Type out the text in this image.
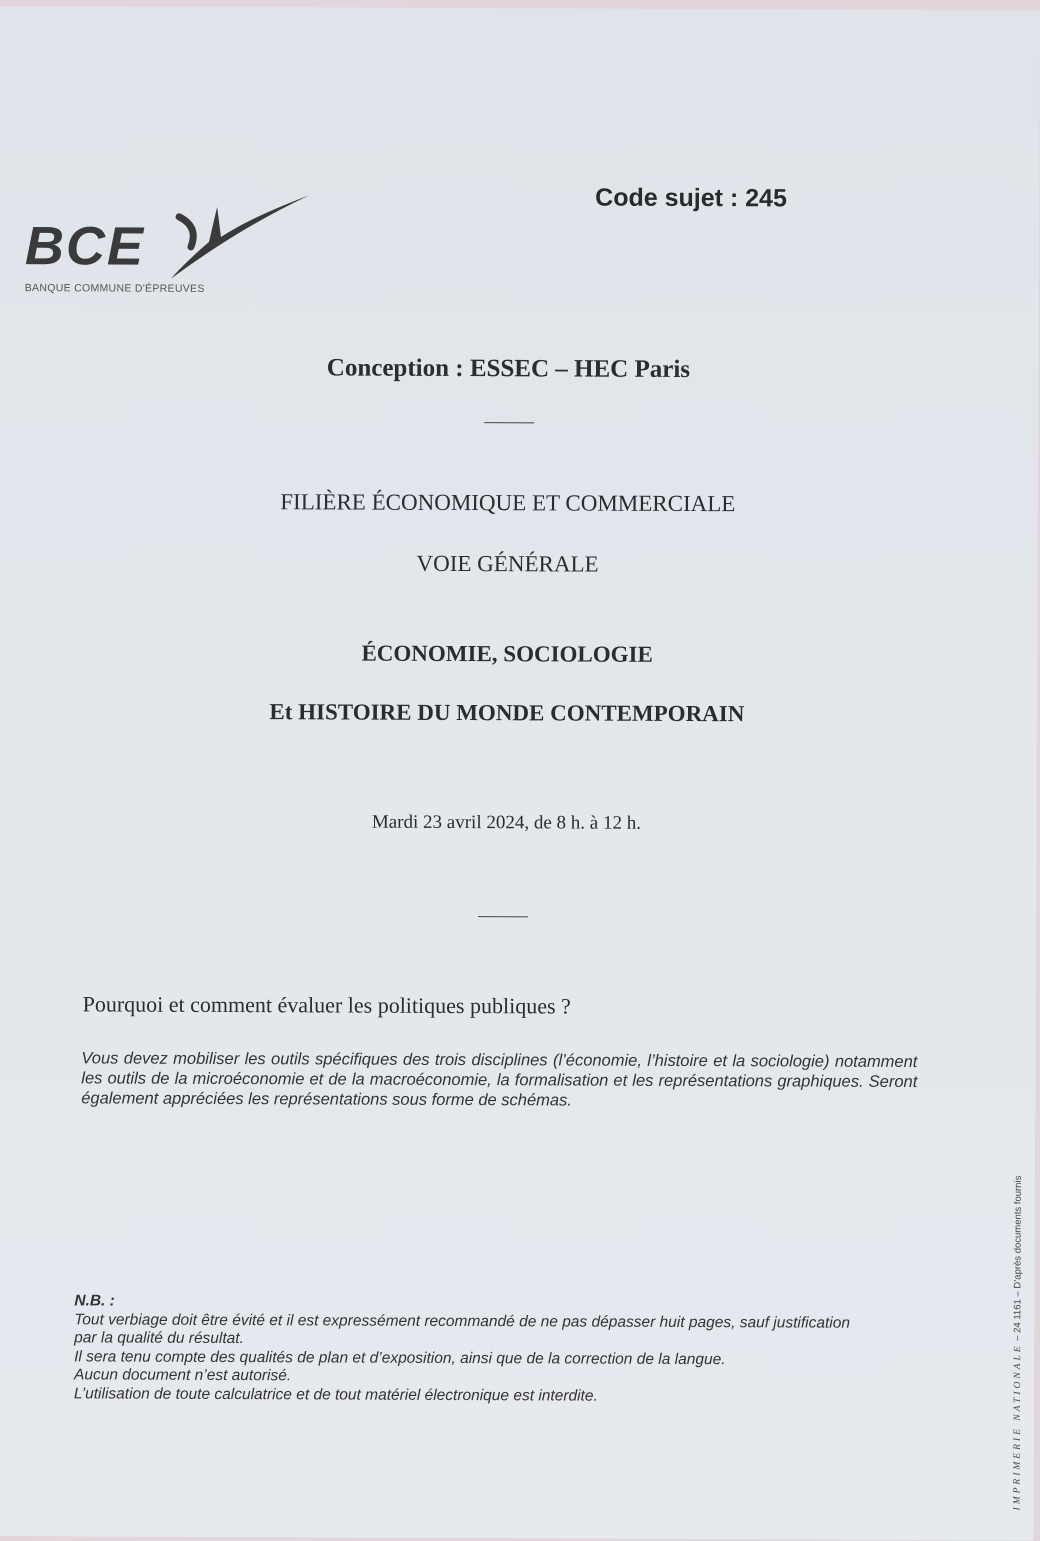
BCE
BANQUE COMMUNE D'ÉPREUVES
Code sujet : 245
Conception : ESSEC – HEC Paris
FILIÈRE ÉCONOMIQUE ET COMMERCIALE
VOIE GÉNÉRALE
ÉCONOMIE, SOCIOLOGIE
Et HISTOIRE DU MONDE CONTEMPORAIN
Mardi 23 avril 2024, de 8 h. à 12 h.
Pourquoi et comment évaluer les politiques publiques ?
Vous devez mobiliser les outils spécifiques des trois disciplines (l’économie, l’histoire et la sociologie) notamment les outils de la microéconomie et de la macroéconomie, la formalisation et les représentations graphiques. Seront également appréciées les représentations sous forme de schémas.
N.B. :
Tout verbiage doit être évité et il est expressément recommandé de ne pas dépasser huit pages, sauf justification par la qualité du résultat.
Il sera tenu compte des qualités de plan et d’exposition, ainsi que de la correction de la langue.
Aucun document n’est autorisé.
L’utilisation de toute calculatrice et de tout matériel électronique est interdite.	IMPRIMERIE NATIONALE – 24 1161 – D’après documents fournis
